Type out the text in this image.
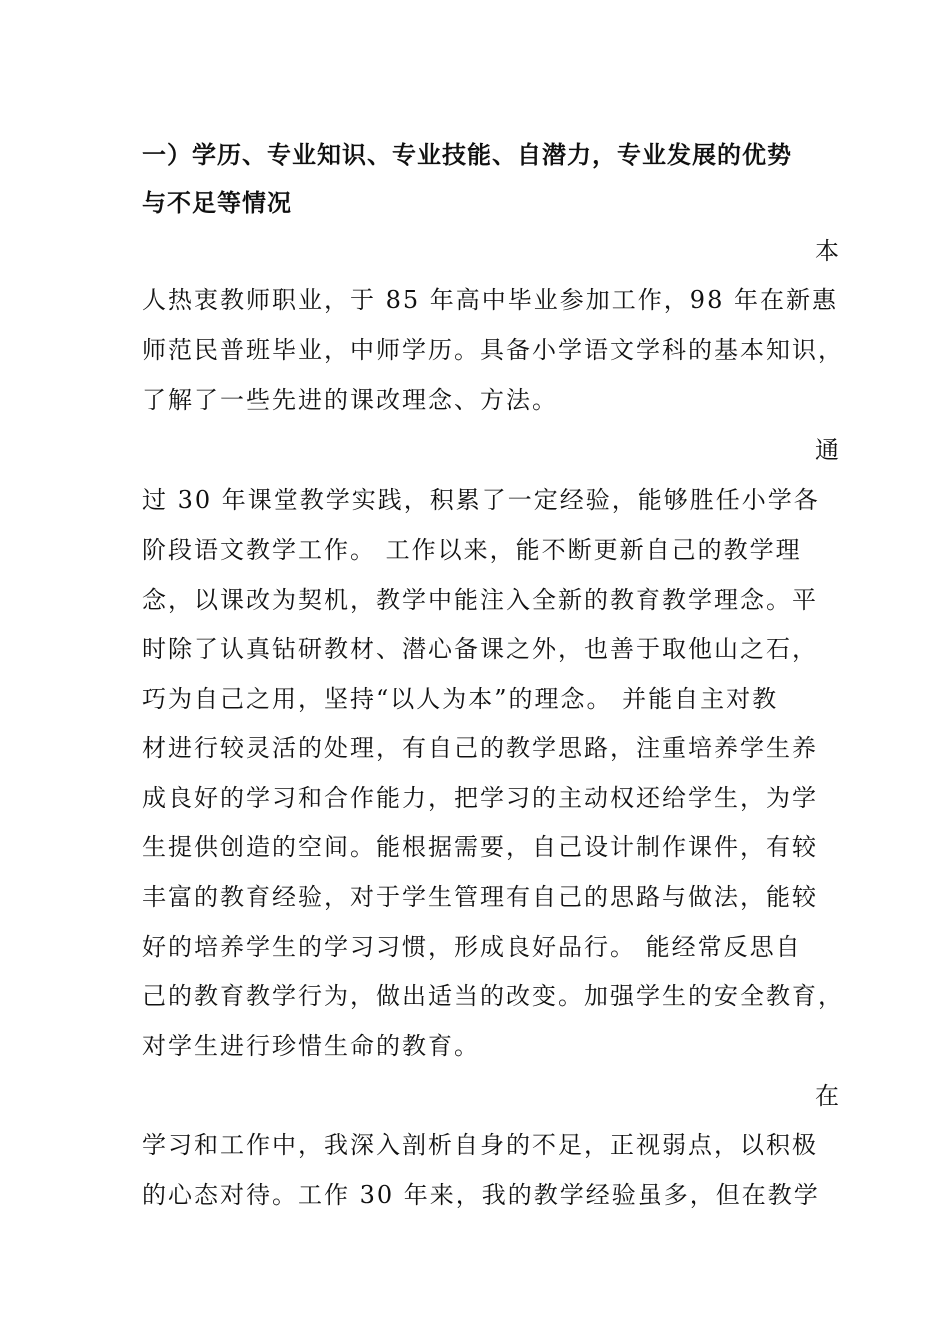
一）学历、专业知识、专业技能、自潜力，专业发展的优势
与不足等情况
本
人热衷教师职业，于 85 年高中毕业参加工作，98 年在新惠
师范民普班毕业，中师学历。具备小学语文学科的基本知识，
了解了一些先进的课改理念、方法。
通
过 30 年课堂教学实践，积累了一定经验，能够胜任小学各
阶段语文教学工作。 工作以来，能不断更新自己的教学理
念，以课改为契机，教学中能注入全新的教育教学理念。平
时除了认真钻研教材、潜心备课之外，也善于取他山之石，
巧为自己之用，坚持“以人为本”的理念。 并能自主对教
材进行较灵活的处理，有自己的教学思路，注重培养学生养
成良好的学习和合作能力，把学习的主动权还给学生，为学
生提供创造的空间。能根据需要，自己设计制作课件，有较
丰富的教育经验，对于学生管理有自己的思路与做法，能较
好的培养学生的学习习惯，形成良好品行。 能经常反思自
己的教育教学行为，做出适当的改变。加强学生的安全教育，
对学生进行珍惜生命的教育。
在
学习和工作中，我深入剖析自身的不足，正视弱点，以积极
的心态对待。工作 30 年来，我的教学经验虽多，但在教学
